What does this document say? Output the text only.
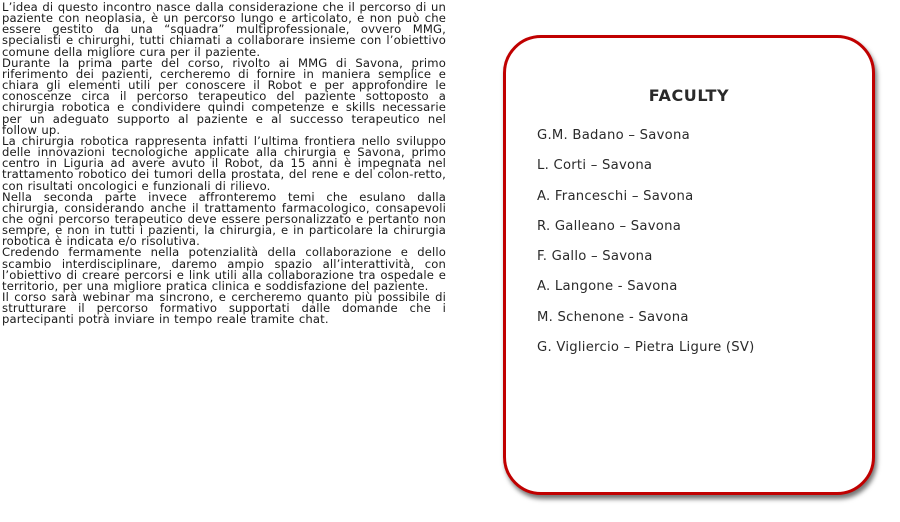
L’idea di questo incontro nasce dalla considerazione che il percorso di un paziente con neoplasia, è un percorso lungo e articolato, e non può che essere gestito da una “squadra” multiprofessionale, ovvero MMG, specialisti e chirurghi, tutti chiamati a collaborare insieme con l’obiettivo comune della migliore cura per il paziente.

Durante la prima parte del corso, rivolto ai MMG di Savona, primo riferimento dei pazienti, cercheremo di fornire in maniera semplice e chiara gli elementi utili per conoscere il Robot e per approfondire le conoscenze circa il percorso terapeutico del paziente sottoposto a chirurgia robotica e condividere quindi competenze e skills necessarie per un adeguato supporto al paziente e al successo terapeutico nel follow up.

La chirurgia robotica rappresenta infatti l’ultima frontiera nello sviluppo delle innovazioni tecnologiche applicate alla chirurgia e Savona, primo centro in Liguria ad avere avuto il Robot, da 15 anni è impegnata nel trattamento robotico dei tumori della prostata, del rene e del colon-retto, con risultati oncologici e funzionali di rilievo.

Nella seconda parte invece affronteremo temi che esulano dalla chirurgia, considerando anche il trattamento farmacologico, consapevoli che ogni percorso terapeutico deve essere personalizzato e pertanto non sempre, e non in tutti i pazienti, la chirurgia, e in particolare la chirurgia robotica è indicata e/o risolutiva.

Credendo fermamente nella potenzialità della collaborazione e dello scambio interdisciplinare, daremo ampio spazio all’interattività, con l’obiettivo di creare percorsi e link utili alla collaborazione tra ospedale e territorio, per una migliore pratica clinica e soddisfazione del paziente.

Il corso sarà webinar ma sincrono, e cercheremo quanto più possibile di strutturare il percorso formativo supportati dalle domande che i partecipanti potrà inviare in tempo reale tramite chat.

FACULTY
G.M. Badano – Savona
L. Corti – Savona
A. Franceschi – Savona
R. Galleano – Savona
F. Gallo – Savona
A. Langone - Savona
M. Schenone - Savona
G. Vigliercio – Pietra Ligure (SV)
